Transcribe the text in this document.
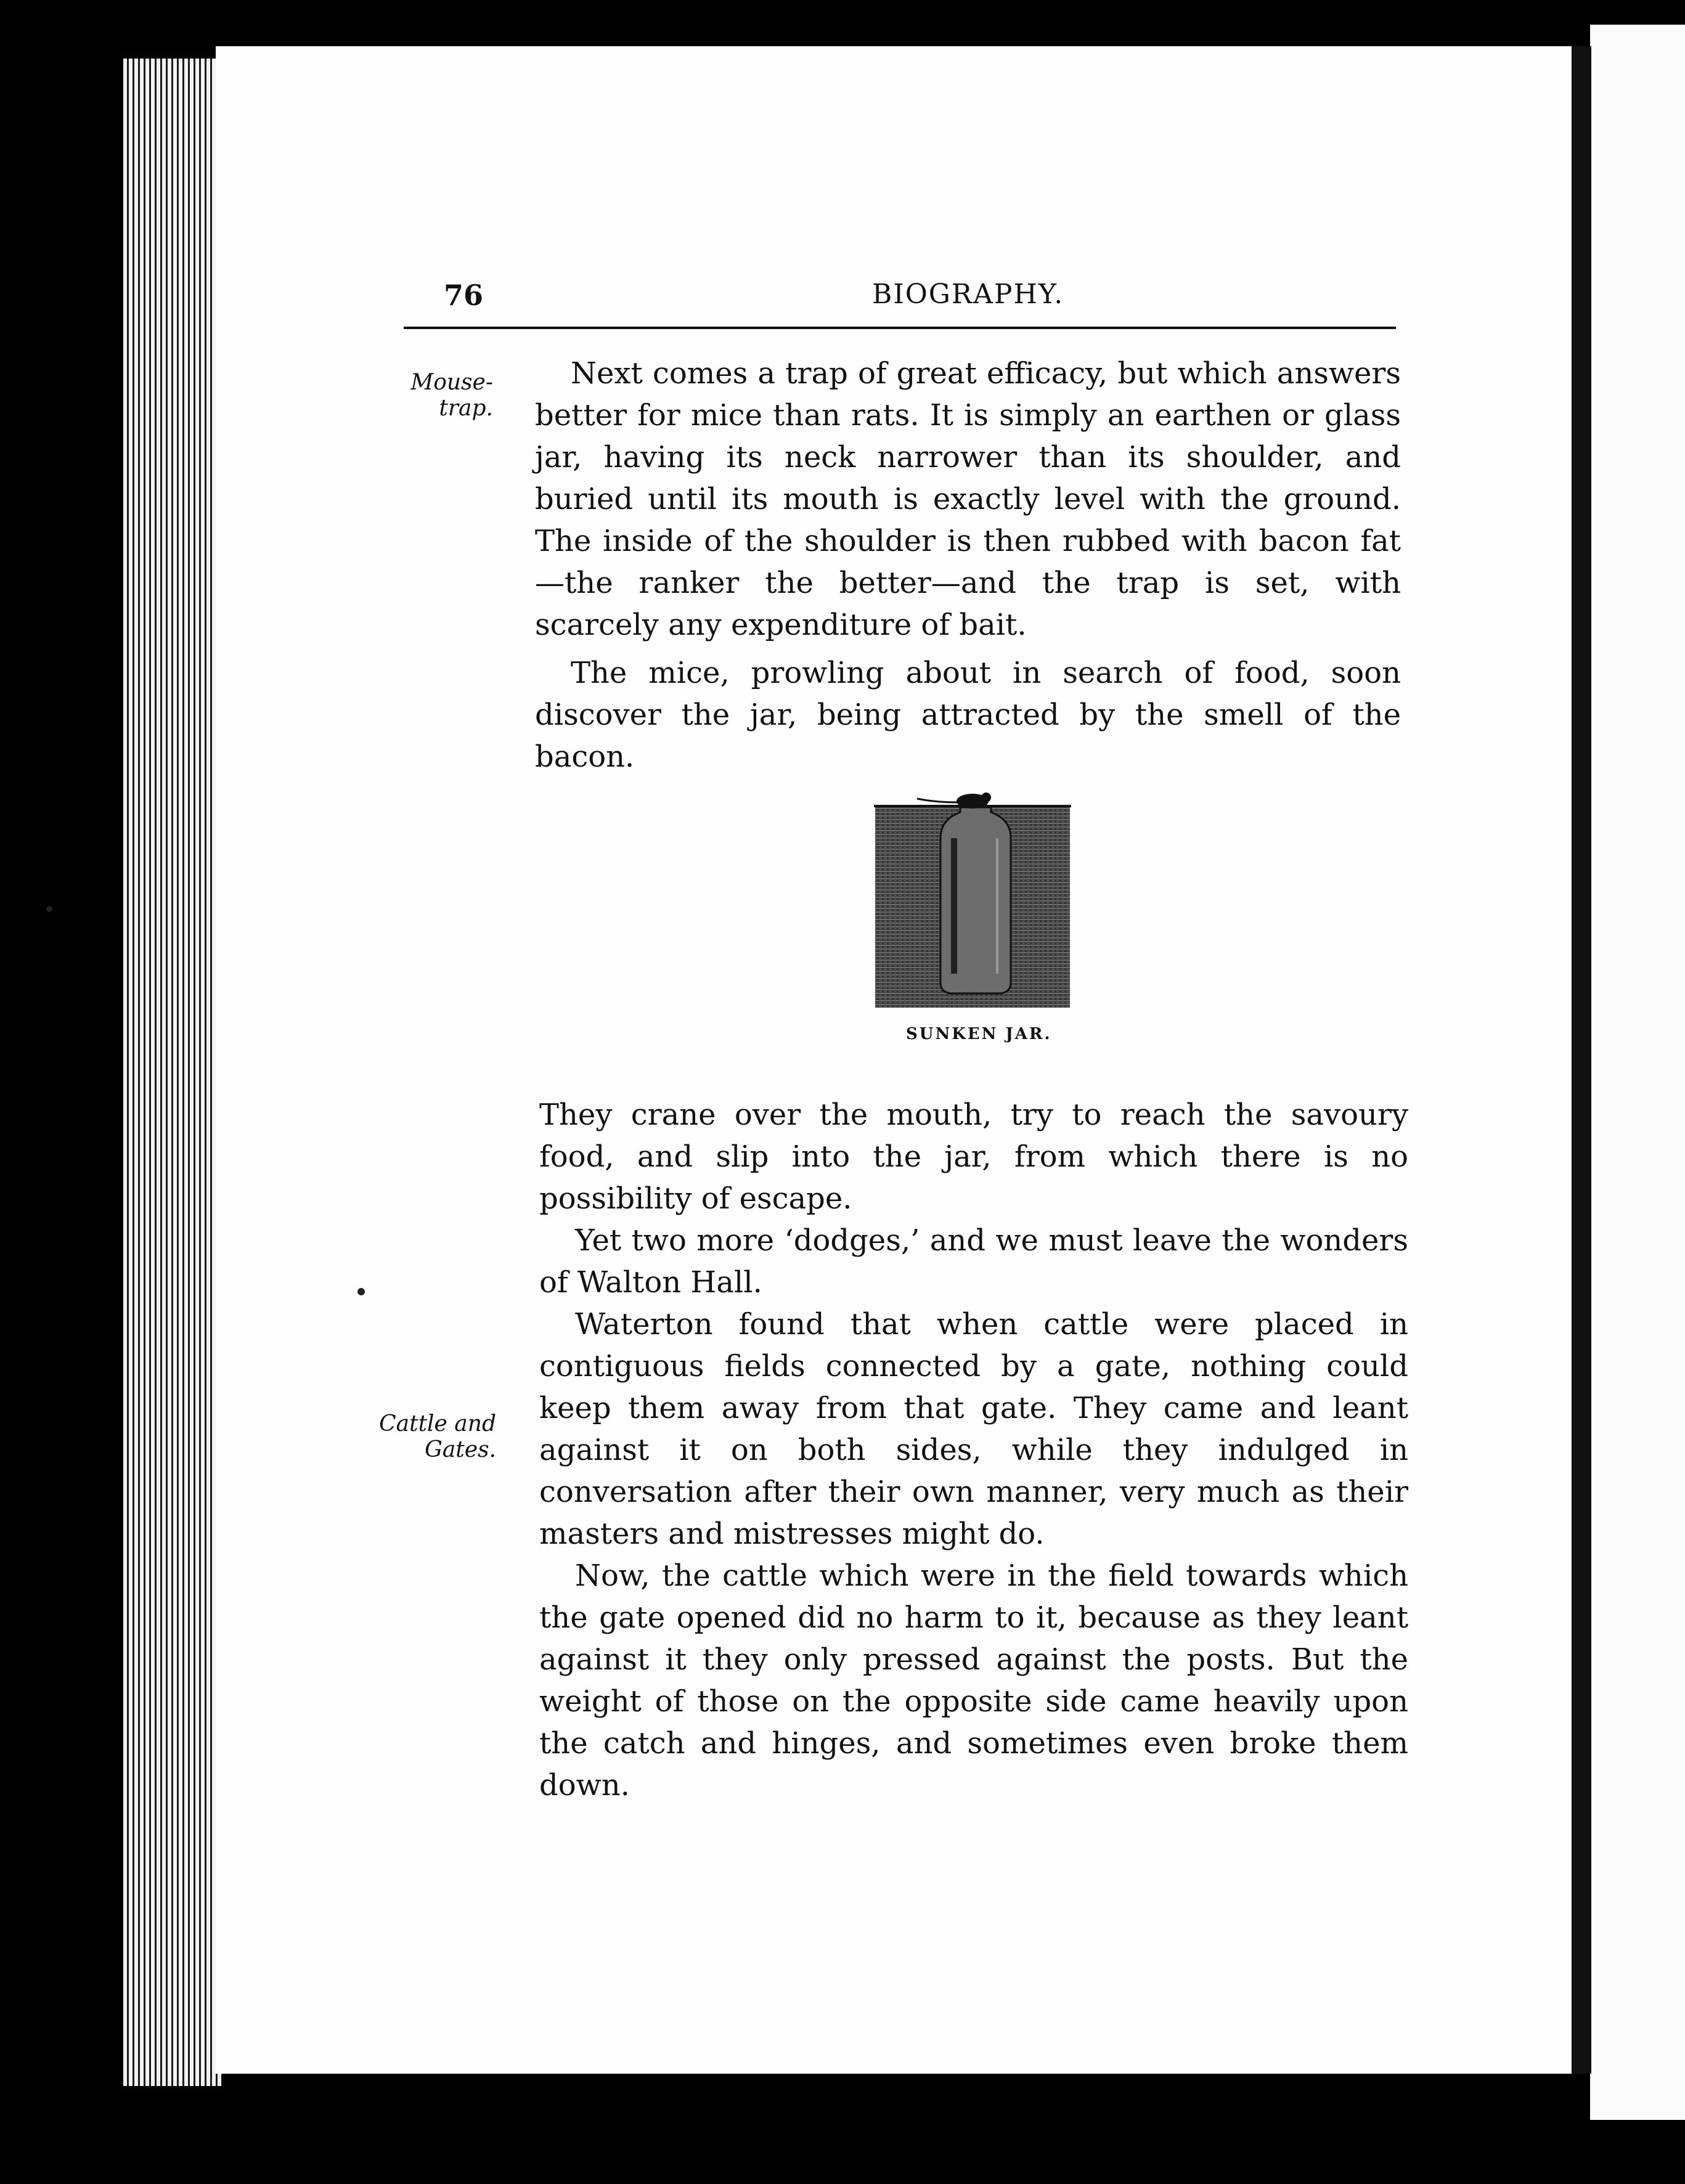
76	BIOGRAPHY.
Mouse-
trap.

Next comes a trap of great efficacy, but which answers better for mice than rats. It is simply an earthen or glass jar, having its neck narrower than its shoulder, and buried until its mouth is exactly level with the ground. The inside of the shoulder is then rubbed with bacon fat—the ranker the better—and the trap is set, with scarcely any expenditure of bait.

The mice, prowling about in search of food, soon discover the jar, being attracted by the smell of the bacon.

SUNKEN JAR.
Cattle and
Gates.

They crane over the mouth, try to reach the savoury food, and slip into the jar, from which there is no possibility of escape.

Yet two more ‘dodges,’ and we must leave the wonders of Walton Hall.

Waterton found that when cattle were placed in contiguous fields connected by a gate, nothing could keep them away from that gate. They came and leant against it on both sides, while they indulged in conversation after their own manner, very much as their masters and mistresses might do.

Now, the cattle which were in the field towards which the gate opened did no harm to it, because as they leant against it they only pressed against the posts. But the weight of those on the opposite side came heavily upon the catch and hinges, and sometimes even broke them down.
